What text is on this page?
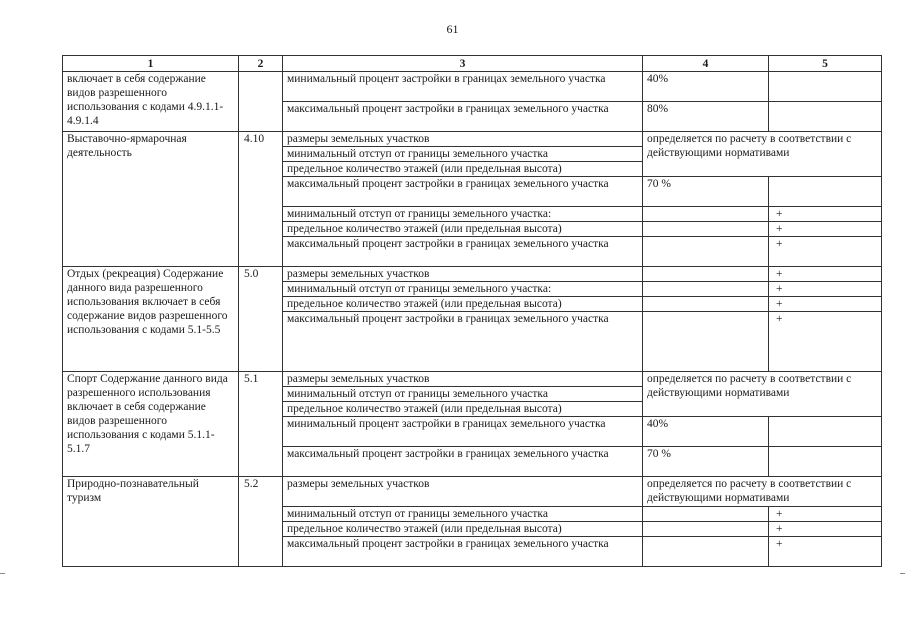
61
1	2	3	4	5
включает в себя содержание видов разрешенного использования с кодами 4.9.1.1-4.9.1.4		минимальный процент застройки в границах земельного участка	40%	
		максимальный процент застройки в границах земельного участка	80%	
Выставочно-ярмарочная деятельность	4.10	размеры земельных участков	определяется по расчету в соответствии с действующими нормативами	
		минимальный отступ от границы земельного участка		
		предельное количество этажей (или предельная высота)		
		максимальный процент застройки в границах земельного участка	70 %	
		минимальный отступ от границы земельного участка:		+
		предельное количество этажей (или предельная высота)		+
		максимальный процент застройки в границах земельного участка		+
Отдых (рекреация) Содержание данного вида разрешенного использования включает в себя содержание видов разрешенного использования с кодами 5.1-5.5	5.0	размеры земельных участков		+
		минимальный отступ от границы земельного участка:		+
		предельное количество этажей (или предельная высота)		+
		максимальный процент застройки в границах земельного участка		+
Спорт Содержание данного вида разрешенного использования включает в себя содержание видов разрешенного использования с кодами 5.1.1-5.1.7	5.1	размеры земельных участков	определяется по расчету в соответствии с действующими нормативами	
		минимальный отступ от границы земельного участка		
		предельное количество этажей (или предельная высота)		
		минимальный процент застройки в границах земельного участка	40%	
		максимальный процент застройки в границах земельного участка	70 %	
Природно-познавательный туризм	5.2	размеры земельных участков	определяется по расчету в соответствии с действующими нормативами	
		минимальный отступ от границы земельного участка		+
		предельное количество этажей (или предельная высота)		+
		максимальный процент застройки в границах земельного участка		+
